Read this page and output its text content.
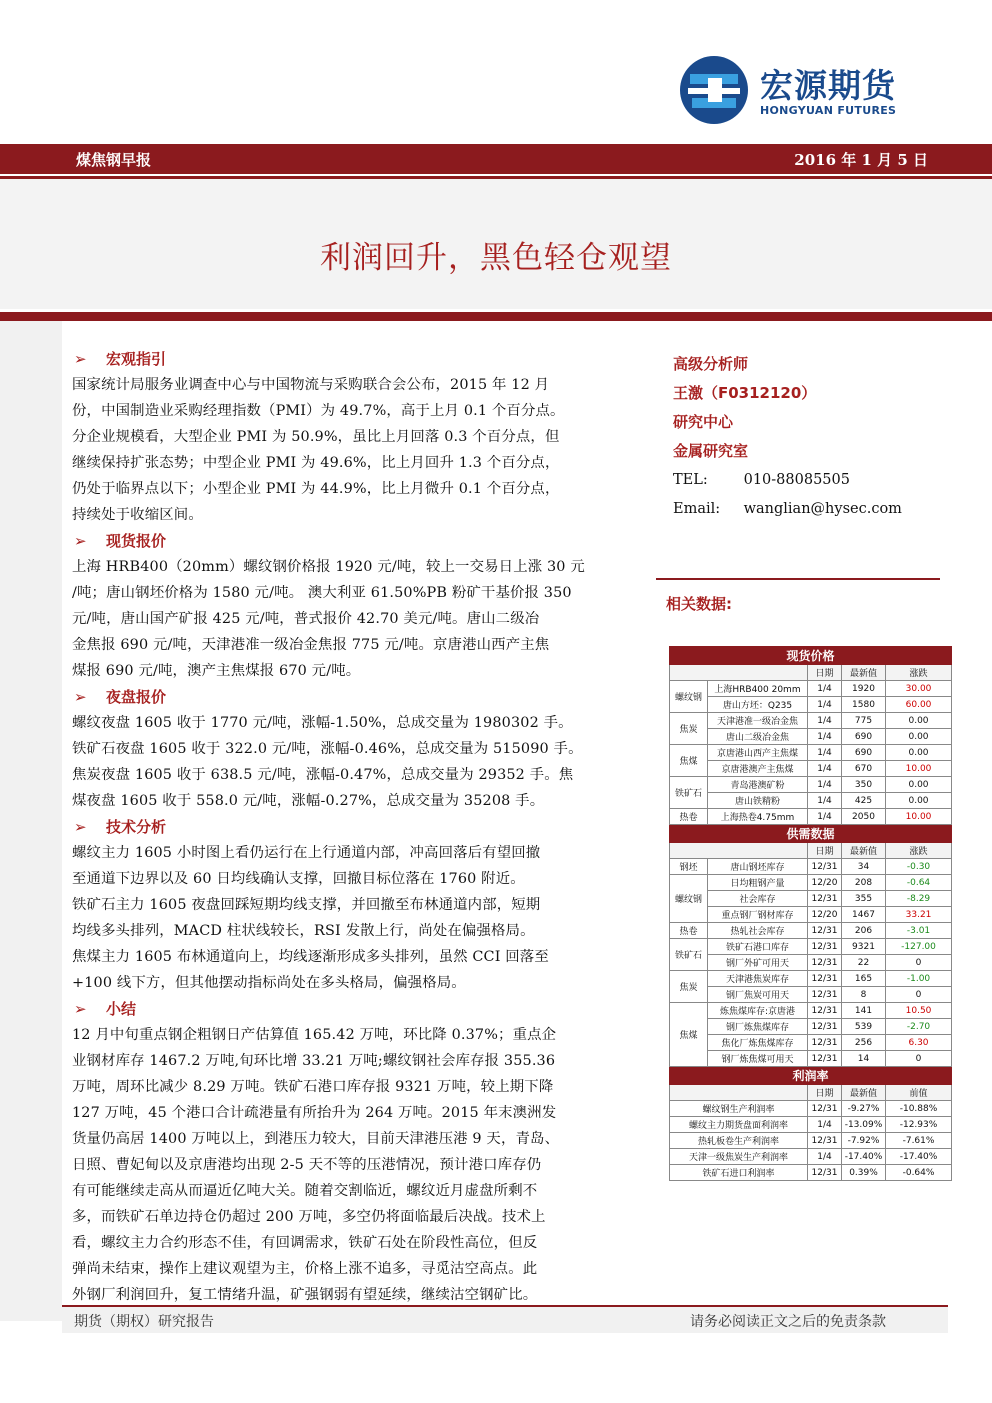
宏源期货
HONGYUAN FUTURES
煤焦钢早报	2016 年 1 月 5 日
利润回升，黑色轻仓观望
➢ 宏观指引
国家统计局服务业调查中心与中国物流与采购联合会公布，2015 年 12 月
份，中国制造业采购经理指数（PMI）为 49.7%，高于上月 0.1 个百分点。
分企业规模看，大型企业 PMI 为 50.9%，虽比上月回落 0.3 个百分点，但
继续保持扩张态势；中型企业 PMI 为 49.6%，比上月回升 1.3 个百分点，
仍处于临界点以下；小型企业 PMI 为 44.9%，比上月微升 0.1 个百分点，
持续处于收缩区间。
➢ 现货报价
上海 HRB400（20mm）螺纹钢价格报 1920 元/吨，较上一交易日上涨 30 元
/吨；唐山钢坯价格为 1580 元/吨。 澳大利亚 61.50%PB 粉矿干基价报 350
元/吨，唐山国产矿报 425 元/吨，普式报价 42.70 美元/吨。唐山二级冶
金焦报 690 元/吨，天津港准一级冶金焦报 775 元/吨。京唐港山西产主焦
煤报 690 元/吨，澳产主焦煤报 670 元/吨。
➢ 夜盘报价
螺纹夜盘 1605 收于 1770 元/吨，涨幅-1.50%，总成交量为 1980302 手。
铁矿石夜盘 1605 收于 322.0 元/吨，涨幅-0.46%，总成交量为 515090 手。
焦炭夜盘 1605 收于 638.5 元/吨，涨幅-0.47%，总成交量为 29352 手。焦
煤夜盘 1605 收于 558.0 元/吨，涨幅-0.27%，总成交量为 35208 手。
➢ 技术分析
螺纹主力 1605 小时图上看仍运行在上行通道内部，冲高回落后有望回撤
至通道下边界以及 60 日均线确认支撑，回撤目标位落在 1760 附近。
铁矿石主力 1605 夜盘回踩短期均线支撑，并回撤至布林通道内部，短期
均线多头排列，MACD 柱状线较长，RSI 发散上行，尚处在偏强格局。
焦煤主力 1605 布林通道向上，均线逐渐形成多头排列，虽然 CCI 回落至
+100 线下方，但其他摆动指标尚处在多头格局，偏强格局。
➢ 小结
12 月中旬重点钢企粗钢日产估算值 165.42 万吨，环比降 0.37%；重点企
业钢材库存 1467.2 万吨,旬环比增 33.21 万吨;螺纹钢社会库存报 355.36
万吨，周环比减少 8.29 万吨。铁矿石港口库存报 9321 万吨，较上期下降
127 万吨，45 个港口合计疏港量有所抬升为 264 万吨。2015 年末澳洲发
货量仍高居 1400 万吨以上，到港压力较大，目前天津港压港 9 天，青岛、
日照、曹妃甸以及京唐港均出现 2-5 天不等的压港情况，预计港口库存仍
有可能继续走高从而逼近亿吨大关。随着交割临近，螺纹近月虚盘所剩不
多，而铁矿石单边持仓仍超过 200 万吨，多空仍将面临最后决战。技术上
看，螺纹主力合约形态不佳，有回调需求，铁矿石处在阶段性高位，但反
弹尚未结束，操作上建议观望为主，价格上涨不追多，寻觅沽空高点。此
外钢厂利润回升，复工情绪升温，矿强钢弱有望延续，继续沽空钢矿比。
高级分析师
王激（F0312120）
研究中心
金属研究室
TEL: 010-88085505
Email: wanglian@hysec.com
相关数据:
现货价格				
		日期	最新值	涨跌
螺纹钢	上海HRB400 20mm	1/4	1920	30.00
	唐山方坯：Q235	1/4	1580	60.00
焦炭	天津港准一级冶金焦	1/4	775	0.00
	唐山二级冶金焦	1/4	690	0.00
焦煤	京唐港山西产主焦煤	1/4	690	0.00
	京唐港澳产主焦煤	1/4	670	10.00
铁矿石	青岛港澳矿粉	1/4	350	0.00
	唐山铁精粉	1/4	425	0.00
热卷	上海热卷4.75mm	1/4	2050	10.00
供需数据				
		日期	最新值	涨跌
钢坯	唐山钢坯库存	12/31	34	-0.30
螺纹钢	日均粗钢产量	12/20	208	-0.64
	社会库存	12/31	355	-8.29
	重点钢厂钢材库存	12/20	1467	33.21
热卷	热轧社会库存	12/31	206	-3.01
铁矿石	铁矿石港口库存	12/31	9321	-127.00
	钢厂外矿可用天	12/31	22	0
焦炭	天津港焦炭库存	12/31	165	-1.00
	钢厂焦炭可用天	12/31	8	0
焦煤	炼焦煤库存:京唐港	12/31	141	10.50
	钢厂炼焦煤库存	12/31	539	-2.70
	焦化厂炼焦煤库存	12/31	256	6.30
	钢厂炼焦煤可用天	12/31	14	0
利润率				
		日期	最新值	前值
螺纹钢生产利润率		12/31	-9.27%	-10.88%
螺纹主力期货盘面利润率		1/4	-13.09%	-12.93%
热轧板卷生产利润率		12/31	-7.92%	-7.61%
天津一级焦炭生产利润率		1/4	-17.40%	-17.40%
铁矿石进口利润率		12/31	0.39%	-0.64%
期货（期权）研究报告	请务必阅读正文之后的免责条款
